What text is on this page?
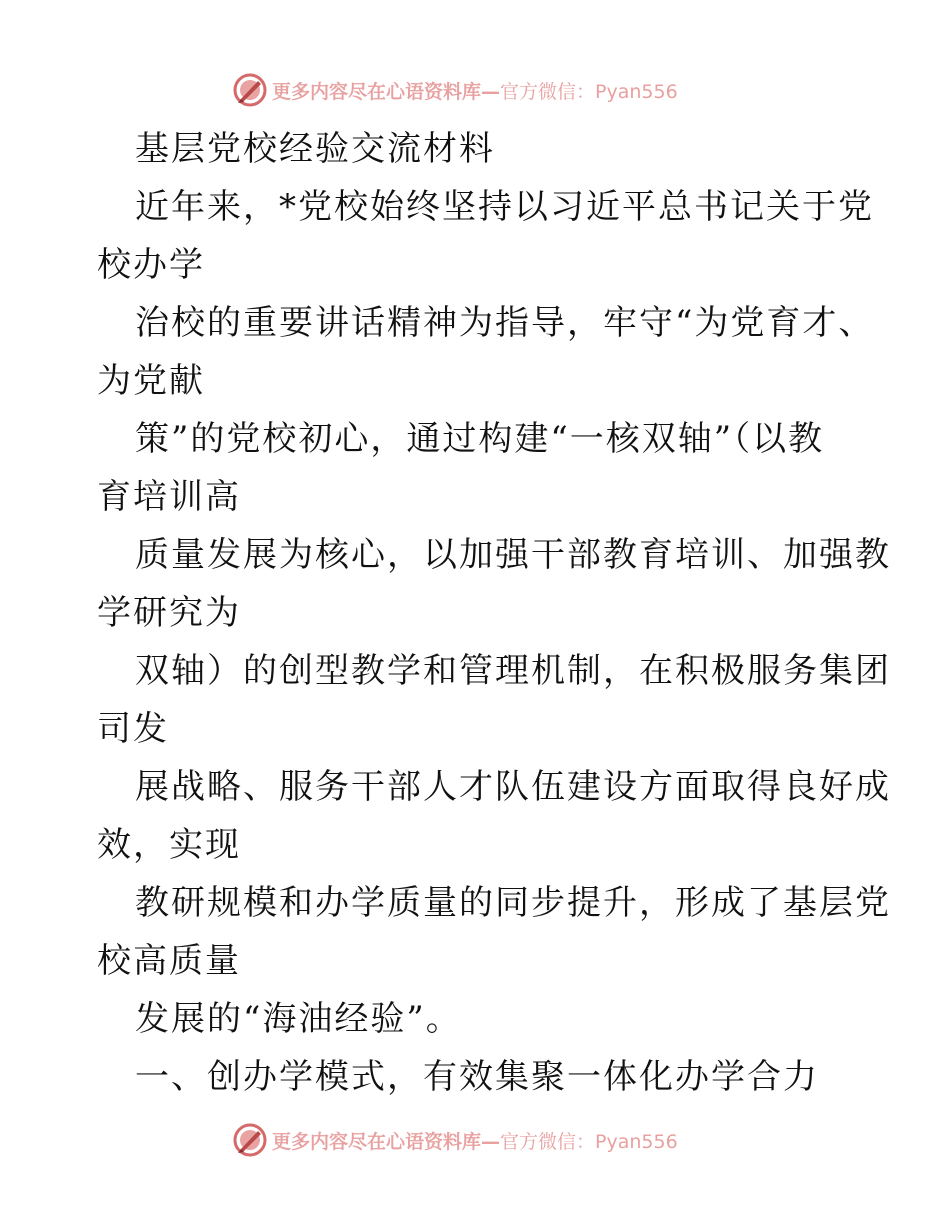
更多内容尽在心语资料库—官方微信：Pyan556
基层党校经验交流材料
近年来，*党校始终坚持以习近平总书记关于党
校办学
治校的重要讲话精神为指导，牢守“为党育才、
为党献
策”的党校初心，通过构建“一核双轴”（以教
育培训高
质量发展为核心，以加强干部教育培训、加强教
学研究为
双轴）的创型教学和管理机制，在积极服务集团
司发
展战略、服务干部人才队伍建设方面取得良好成
效，实现
教研规模和办学质量的同步提升，形成了基层党
校高质量
发展的“海油经验”。
一、创办学模式，有效集聚一体化办学合力
更多内容尽在心语资料库—官方微信：Pyan556
